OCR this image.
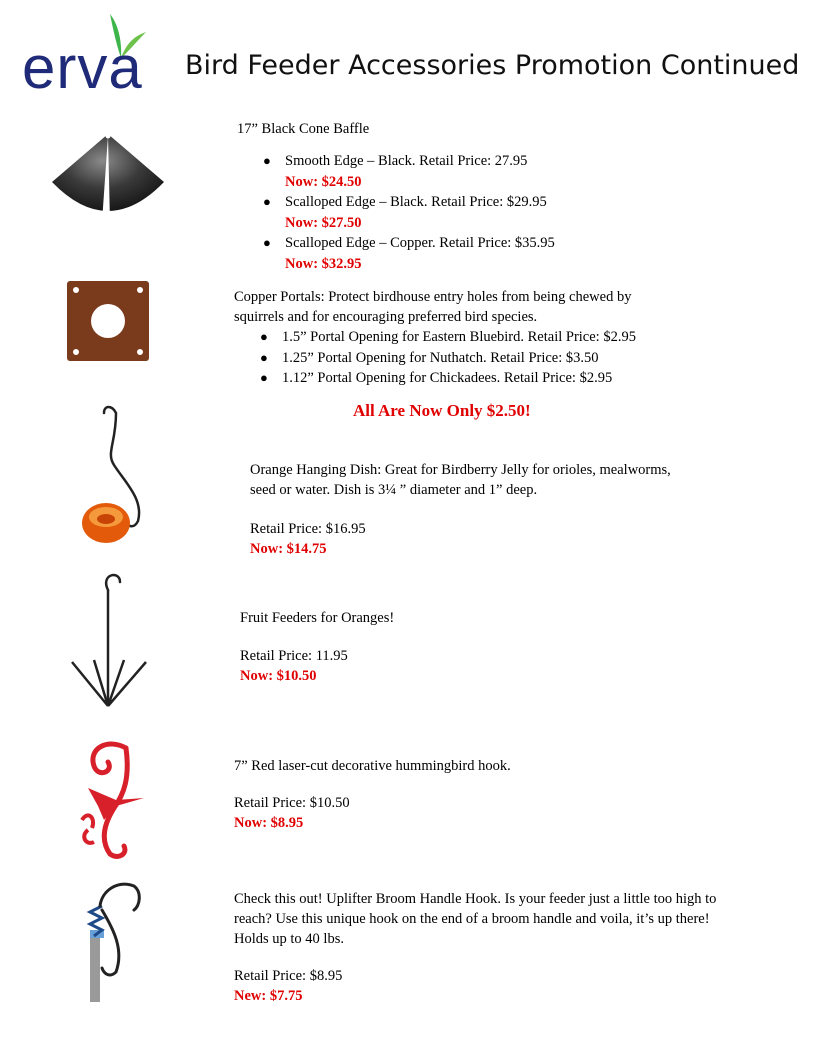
erva Bird Feeder Accessories Promotion Continued
17” Black Cone Baffle
● Smooth Edge – Black. Retail Price: 27.95
Now: $24.50
● Scalloped Edge – Black. Retail Price: $29.95
Now: $27.50
● Scalloped Edge – Copper. Retail Price: $35.95
Now: $32.95
Copper Portals: Protect birdhouse entry holes from being chewed by
squirrels and for encouraging preferred bird species.
● 1.5” Portal Opening for Eastern Bluebird. Retail Price: $2.95
● 1.25” Portal Opening for Nuthatch. Retail Price: $3.50
● 1.12” Portal Opening for Chickadees. Retail Price: $2.95
All Are Now Only $2.50!
Orange Hanging Dish: Great for Birdberry Jelly for orioles, mealworms,
seed or water. Dish is 3¼ ” diameter and 1” deep.
Retail Price: $16.95
Now: $14.75
Fruit Feeders for Oranges!
Retail Price: 11.95
Now: $10.50
7” Red laser-cut decorative hummingbird hook.
Retail Price: $10.50
Now: $8.95
Check this out! Uplifter Broom Handle Hook. Is your feeder just a little too high to
reach? Use this unique hook on the end of a broom handle and voila, it’s up there!
Holds up to 40 lbs.
Retail Price: $8.95
New: $7.75
